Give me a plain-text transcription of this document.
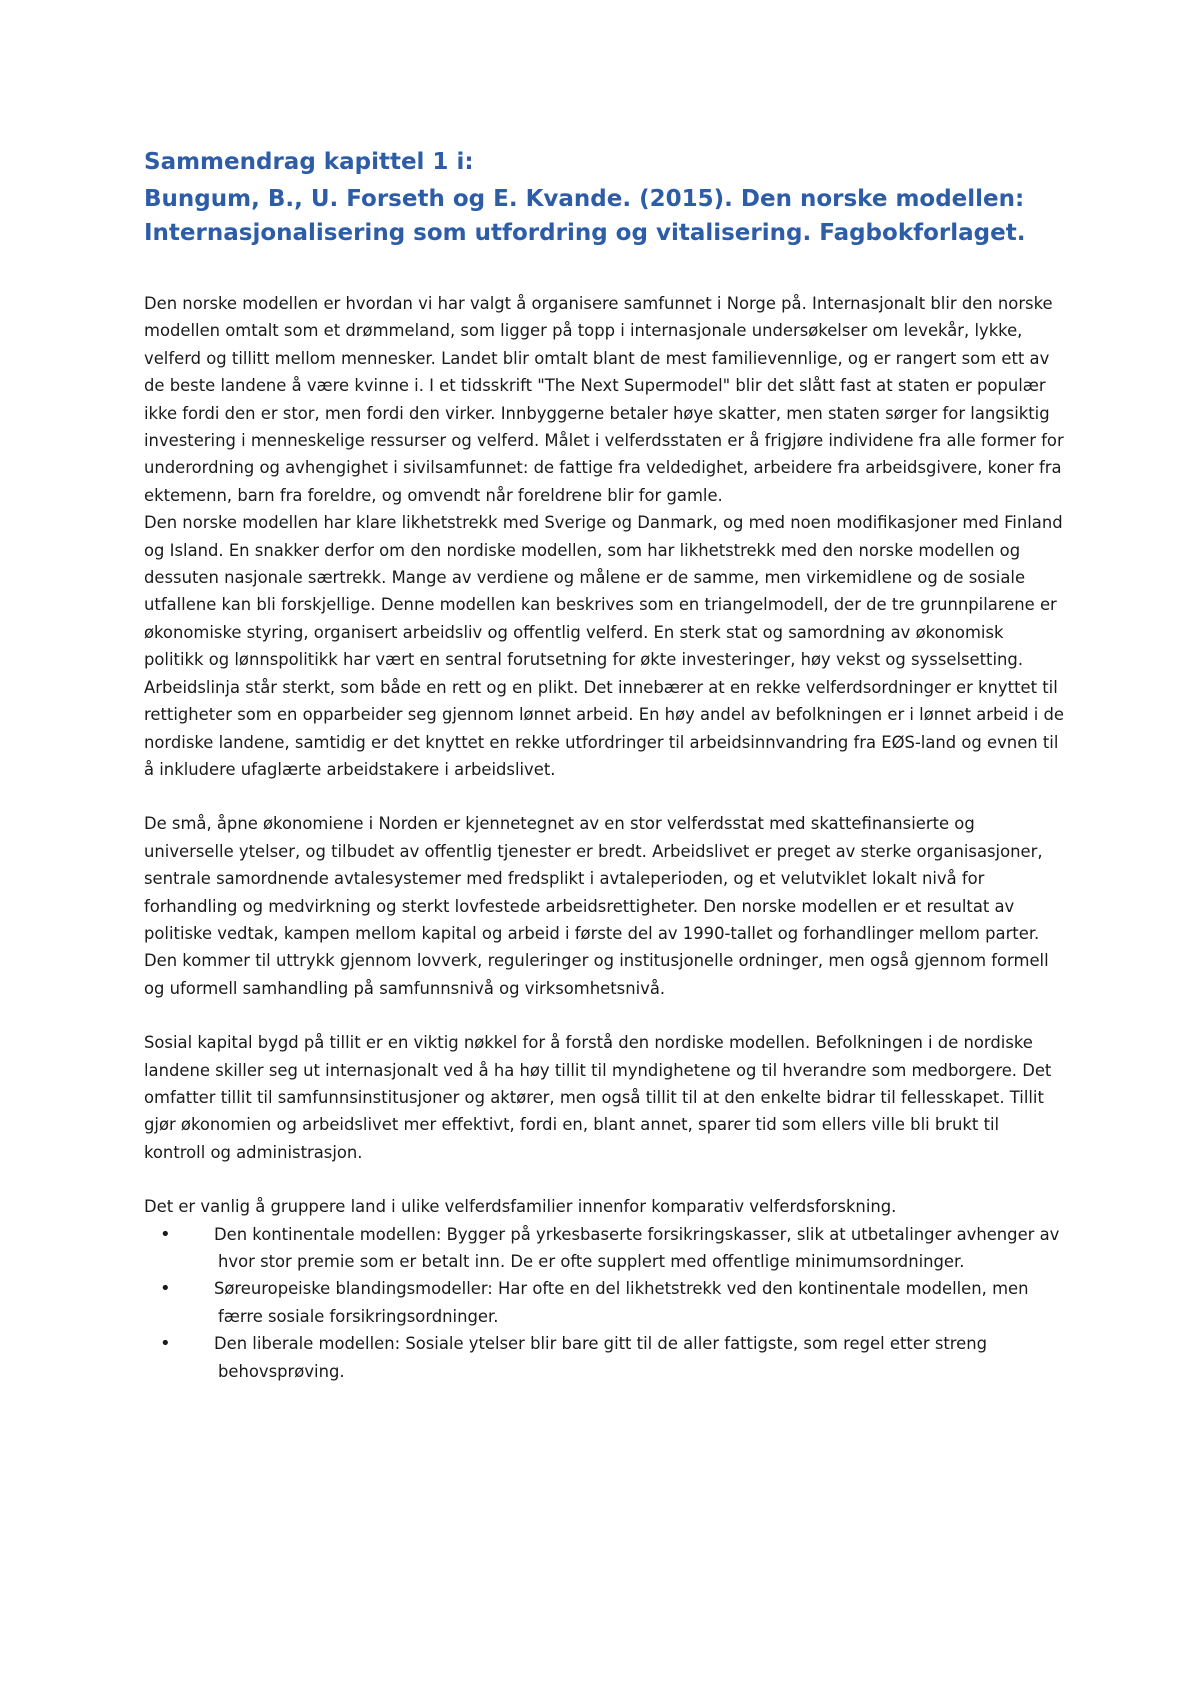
Sammendrag kapittel 1 i:
Bungum, B., U. Forseth og E. Kvande. (2015). Den norske modellen: Internasjonalisering som utfordring og vitalisering. Fagbokforlaget.

Den norske modellen er hvordan vi har valgt å organisere samfunnet i Norge på. Internasjonalt blir den norske modellen omtalt som et drømmeland, som ligger på topp i internasjonale undersøkelser om levekår, lykke, velferd og tillitt mellom mennesker. Landet blir omtalt blant de mest familievennlige, og er rangert som ett av de beste landene å være kvinne i. I et tidsskrift "The Next Supermodel" blir det slått fast at staten er populær ikke fordi den er stor, men fordi den virker. Innbyggerne betaler høye skatter, men staten sørger for langsiktig investering i menneskelige ressurser og velferd. Målet i velferdsstaten er å frigjøre individene fra alle former for underordning og avhengighet i sivilsamfunnet: de fattige fra veldedighet, arbeidere fra arbeidsgivere, koner fra ektemenn, barn fra foreldre, og omvendt når foreldrene blir for gamle.

Den norske modellen har klare likhetstrekk med Sverige og Danmark, og med noen modifikasjoner med Finland og Island. En snakker derfor om den nordiske modellen, som har likhetstrekk med den norske modellen og dessuten nasjonale særtrekk. Mange av verdiene og målene er de samme, men virkemidlene og de sosiale utfallene kan bli forskjellige. Denne modellen kan beskrives som en triangelmodell, der de tre grunnpilarene er økonomiske styring, organisert arbeidsliv og offentlig velferd. En sterk stat og samordning av økonomisk politikk og lønnspolitikk har vært en sentral forutsetning for økte investeringer, høy vekst og sysselsetting. Arbeidslinja står sterkt, som både en rett og en plikt. Det innebærer at en rekke velferdsordninger er knyttet til rettigheter som en opparbeider seg gjennom lønnet arbeid. En høy andel av befolkningen er i lønnet arbeid i de nordiske landene, samtidig er det knyttet en rekke utfordringer til arbeidsinnvandring fra EØS-land og evnen til å inkludere ufaglærte arbeidstakere i arbeidslivet.

De små, åpne økonomiene i Norden er kjennetegnet av en stor velferdsstat med skattefinansierte og universelle ytelser, og tilbudet av offentlig tjenester er bredt. Arbeidslivet er preget av sterke organisasjoner, sentrale samordnende avtalesystemer med fredsplikt i avtaleperioden, og et velutviklet lokalt nivå for forhandling og medvirkning og sterkt lovfestede arbeidsrettigheter. Den norske modellen er et resultat av politiske vedtak, kampen mellom kapital og arbeid i første del av 1990-tallet og forhandlinger mellom parter. Den kommer til uttrykk gjennom lovverk, reguleringer og institusjonelle ordninger, men også gjennom formell og uformell samhandling på samfunnsnivå og virksomhetsnivå.

Sosial kapital bygd på tillit er en viktig nøkkel for å forstå den nordiske modellen. Befolkningen i de nordiske landene skiller seg ut internasjonalt ved å ha høy tillit til myndighetene og til hverandre som medborgere. Det omfatter tillit til samfunnsinstitusjoner og aktører, men også tillit til at den enkelte bidrar til fellesskapet. Tillit gjør økonomien og arbeidslivet mer effektivt, fordi en, blant annet, sparer tid som ellers ville bli brukt til kontroll og administrasjon.

Det er vanlig å gruppere land i ulike velferdsfamilier innenfor komparativ velferdsforskning.

•	Den kontinentale modellen: Bygger på yrkesbaserte forsikringskasser, slik at utbetalinger avhenger av hvor stor premie som er betalt inn. De er ofte supplert med offentlige minimumsordninger.
•	Søreuropeiske blandingsmodeller: Har ofte en del likhetstrekk ved den kontinentale modellen, men færre sosiale forsikringsordninger.
•	Den liberale modellen: Sosiale ytelser blir bare gitt til de aller fattigste, som regel etter streng behovsprøving.
